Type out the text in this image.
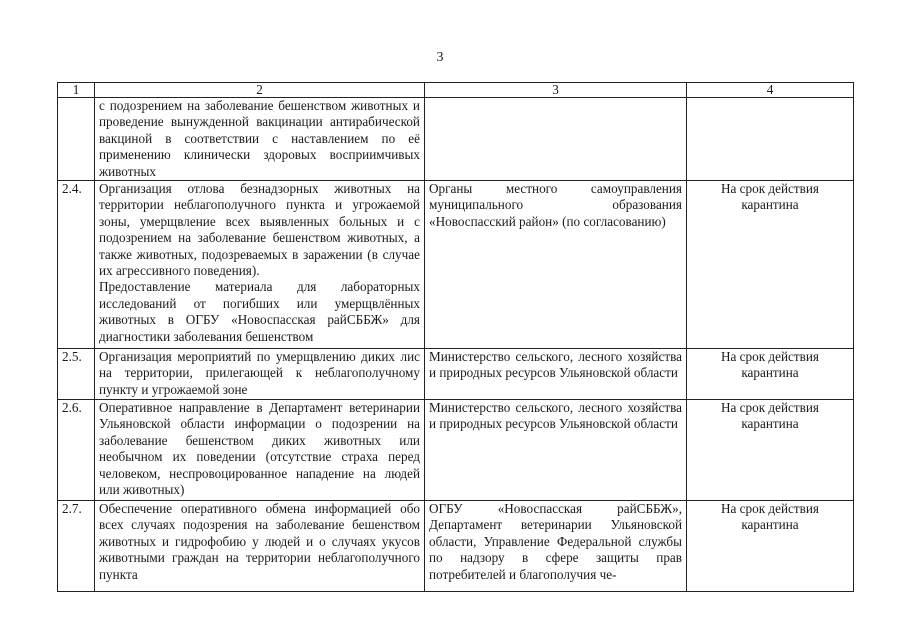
3
1	2	3	4
	с подозрением на заболевание бешенством животных и проведение вынужденной вакцинации антирабической вакциной в соответствии с наставлением по её применению клинически здоровых восприимчивых животных		
2.4.	Организация отлова безнадзорных животных на территории неблагополучного пункта и угрожаемой зоны, умерщвление всех выявленных больных и с подозрением на заболевание бешенством животных, а также животных, подозреваемых в заражении (в случае их агрессивного поведения).
Предоставление материала для лабораторных исследований от погибших или умерщвлённых животных в ОГБУ «Новоспасская райСББЖ» для диагностики заболевания бешенством	Органы местного самоуправления муниципального образования «Новоспасский район» (по согласованию)	На срок действия карантина
2.5.	Организация мероприятий по умерщвлению диких лис на территории, прилегающей к неблагополучному пункту и угрожаемой зоне	Министерство сельского, лесного хозяйства и природных ресурсов Ульяновской области	На срок действия карантина
2.6.	Оперативное направление в Департамент ветеринарии Ульяновской области информации о подозрении на заболевание бешенством диких животных или необычном их поведении (отсутствие страха перед человеком, неспровоцированное нападение на людей или животных)	Министерство сельского, лесного хозяйства и природных ресурсов Ульяновской области	На срок действия карантина
2.7.	Обеспечение оперативного обмена информацией обо всех случаях подозрения на заболевание бешенством животных и гидрофобию у людей и о случаях укусов животными граждан на территории неблагополучного пункта	ОГБУ «Новоспасская райСББЖ», Департамент ветеринарии Ульяновской области, Управление Федеральной службы по надзору в сфере защиты прав потребителей и благополучия че-	На срок действия карантина
